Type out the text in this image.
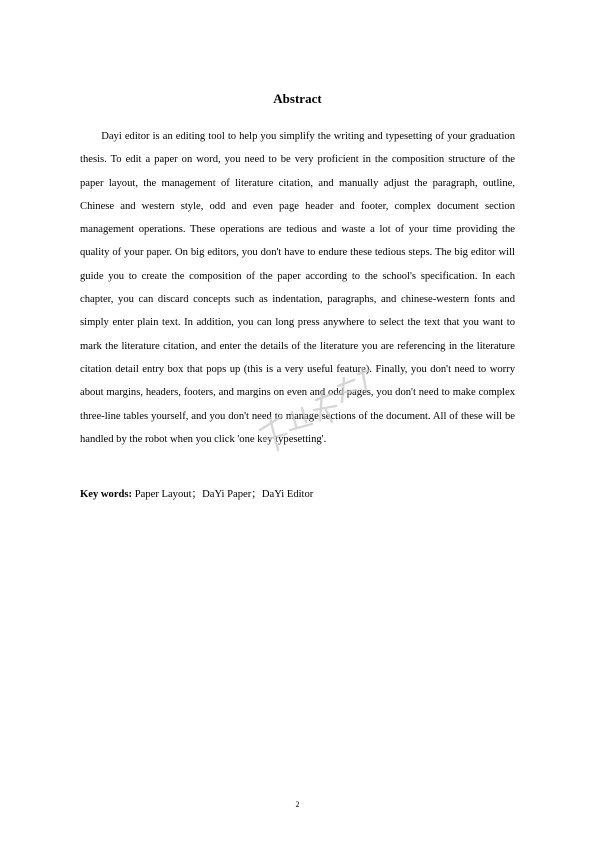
Abstract

Dayi editor is an editing tool to help you simplify the writing and typesetting of your graduation thesis. To edit a paper on word, you need to be very proficient in the composition structure of the paper layout, the management of literature citation, and manually adjust the paragraph, outline, Chinese and western style, odd and even page header and footer, complex document section management operations. These operations are tedious and waste a lot of your time providing the quality of your paper. On big editors, you don't have to endure these tedious steps. The big editor will guide you to create the composition of the paper according to the school's specification. In each chapter, you can discard concepts such as indentation, paragraphs, and chinese-western fonts and simply enter plain text. In addition, you can long press anywhere to select the text that you want to mark the literature citation, and enter the details of the literature you are referencing in the literature citation detail entry box that pops up (this is a very useful feature). Finally, you don't need to worry about margins, headers, footers, and margins on even and odd pages, you don't need to make complex three-line tables yourself, and you don't need to manage sections of the document. All of these will be handled by the robot when you click 'one key typesetting'.

Key words: Paper Layout；DaYi Paper；DaYi Editor
2
